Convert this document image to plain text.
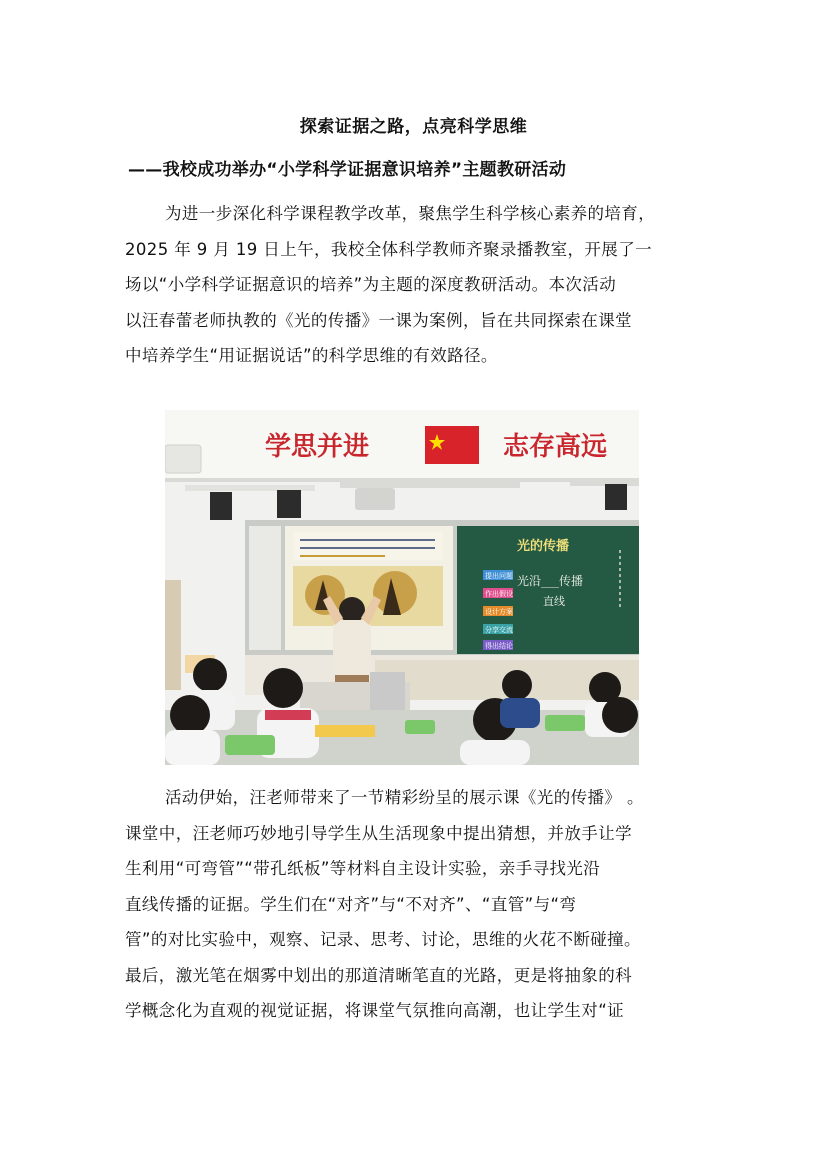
探索证据之路，点亮科学思维
——我校成功举办“小学科学证据意识培养”主题教研活动
为进一步深化科学课程教学改革，聚焦学生科学核心素养的培育，
2025 年 9 月 19 日上午，我校全体科学教师齐聚录播教室，开展了一
场以“小学科学证据意识的培养”为主题的深度教研活动。本次活动
以汪春蕾老师执教的《光的传播》一课为案例，旨在共同探索在课堂
中培养学生“用证据说话”的科学思维的有效路径。
学思并进	志存高远
光的传播
光沿___传播
直线
提出问题
作出假设
设计方案
分享交流
得出结论
活动伊始，汪老师带来了一节精彩纷呈的展示课《光的传播》 。
课堂中，汪老师巧妙地引导学生从生活现象中提出猜想，并放手让学
生利用“可弯管”“带孔纸板”等材料自主设计实验，亲手寻找光沿
直线传播的证据。学生们在“对齐”与“不对齐”、“直管”与“弯
管”的对比实验中，观察、记录、思考、讨论，思维的火花不断碰撞。
最后，激光笔在烟雾中划出的那道清晰笔直的光路，更是将抽象的科
学概念化为直观的视觉证据，将课堂气氛推向高潮，也让学生对“证
